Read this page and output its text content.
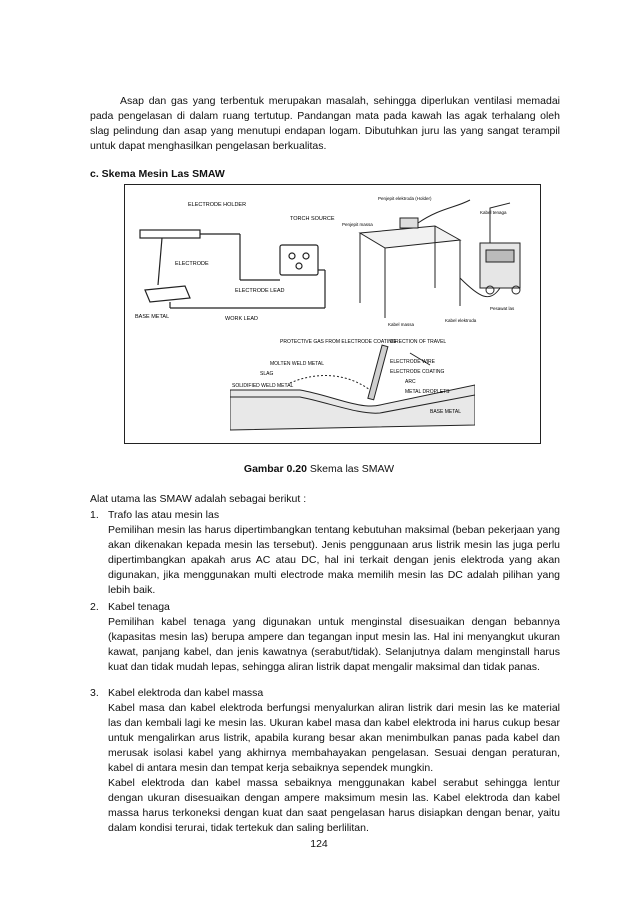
Asap dan gas yang terbentuk merupakan masalah, sehingga diperlukan ventilasi memadai pada pengelasan di dalam ruang tertutup. Pandangan mata pada kawah las agak terhalang oleh slag pelindung dan asap yang menutupi endapan logam. Dibutuhkan juru las yang sangat terampil untuk dapat menghasilkan pengelasan berkualitas.
c. Skema Mesin Las SMAW
ELECTRODE HOLDER
TORCH SOURCE
ELECTRODE
ELECTRODE LEAD
BASE METAL	WORK LEAD
Penjepit elektroda (Holder)
Penjepit massa
Kabel tenaga
Kabel massa
Pesawat las
Kabel elektroda
PROTECTIVE GAS FROM ELECTRODE COATING
DIRECTION OF TRAVEL
MOLTEN WELD METAL
SLAG
ELECTRODE WIRE
ELECTRODE COATING
SOLIDIFIED WELD METAL
ARC
METAL DROPLETS
BASE METAL
Gambar 0.20 Skema las SMAW
Alat utama las SMAW adalah sebagai berikut :
1. Trafo las atau mesin las

Pemilihan mesin las harus dipertimbangkan tentang kebutuhan maksimal (beban pekerjaan yang akan dikenakan kepada mesin las tersebut). Jenis penggunaan arus listrik mesin las juga perlu dipertimbangkan apakah arus AC atau DC, hal ini terkait dengan jenis elektroda yang akan digunakan, jika menggunakan multi electrode maka memilih mesin las DC adalah pilihan yang lebih baik.

2. Kabel tenaga

Pemilihan kabel tenaga yang digunakan untuk menginstal disesuaikan dengan bebannya (kapasitas mesin las) berupa ampere dan tegangan input mesin las. Hal ini menyangkut ukuran kawat, panjang kabel, dan jenis kawatnya (serabut/tidak). Selanjutnya dalam menginstall harus kuat dan tidak mudah lepas, sehingga aliran listrik dapat mengalir maksimal dan tidak panas.

3. Kabel elektroda dan kabel massa

Kabel masa dan kabel elektroda berfungsi menyalurkan aliran listrik dari mesin las ke material las dan kembali lagi ke mesin las. Ukuran kabel masa dan kabel elektroda ini harus cukup besar untuk mengalirkan arus listrik, apabila kurang besar akan menimbulkan panas pada kabel dan merusak isolasi kabel yang akhirnya membahayakan pengelasan. Sesuai dengan peraturan, kabel di antara mesin dan tempat kerja sebaiknya sependek mungkin.

Kabel elektroda dan kabel massa sebaiknya menggunakan kabel serabut sehingga lentur dengan ukuran disesuaikan dengan ampere maksimum mesin las. Kabel elektroda dan kabel massa harus terkoneksi dengan kuat dan saat pengelasan harus disiapkan dengan benar, yaitu dalam kondisi terurai, tidak tertekuk dan saling berlilitan.

124
